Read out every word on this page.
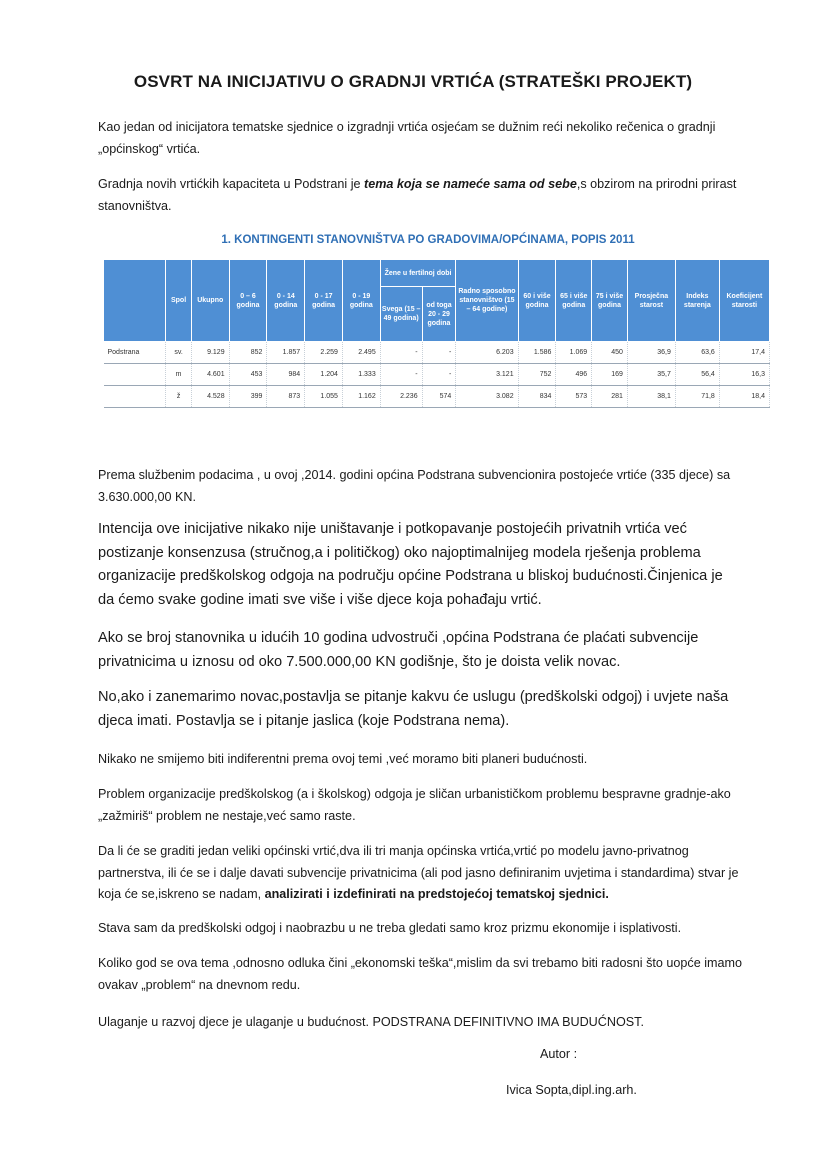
OSVRT NA INICIJATIVU O GRADNJI VRTIĆA (STRATEŠKI PROJEKT)
Kao jedan od inicijatora tematske sjednice o izgradnji vrtića osjećam se dužnim reći nekoliko rečenica o gradnji „općinskog“ vrtića.
Gradnja novih vrtićkih kapaciteta u Podstrani je tema koja se nameće sama od sebe,s obzirom na prirodni prirast stanovništva.
1. KONTINGENTI STANOVNIŠTVA PO GRADOVIMA/OPĆINAMA, POPIS 2011
	Spol	Ukupno	0 – 6 godina	0 - 14 godina	0 - 17 godina	0 - 19 godina	Žene u fertilnoj dobi		Radno sposobno stanovništvo (15 – 64 godine)	60 i više godina	65 i više godina	75 i više godina	Prosječna starost	Indeks starenja	Koeficijent starosti
							Svega (15 – 49 godina)	od toga 20 - 29 godina							
Podstrana	sv.	9.129	852	1.857	2.259	2.495	-	-	6.203	1.586	1.069	450	36,9	63,6	17,4
	m	4.601	453	984	1.204	1.333	-	-	3.121	752	496	169	35,7	56,4	16,3
	ž	4.528	399	873	1.055	1.162	2.236	574	3.082	834	573	281	38,1	71,8	18,4
Prema službenim podacima , u ovoj ,2014. godini općina Podstrana subvencionira postojeće vrtiće (335 djece) sa 3.630.000,00 KN.
Intencija ove inicijative nikako nije uništavanje i potkopavanje postojećih privatnih vrtića već postizanje konsenzusa (stručnog,a i političkog) oko najoptimalnijeg modela rješenja problema organizacije predškolskog odgoja na području općine Podstrana u bliskoj budućnosti.Činjenica je da ćemo svake godine imati sve više i više djece koja pohađaju vrtić.
Ako se broj stanovnika u idućih 10 godina udvostruči ,općina Podstrana će plaćati subvencije privatnicima u iznosu od oko 7.500.000,00 KN godišnje, što je doista velik novac.
No,ako i zanemarimo novac,postavlja se pitanje kakvu će uslugu (predškolski odgoj) i uvjete naša djeca imati. Postavlja se i pitanje jaslica (koje Podstrana nema).
Nikako ne smijemo biti indiferentni prema ovoj temi ,već moramo biti planeri budućnosti.
Problem organizacije predškolskog (a i školskog) odgoja je sličan urbanističkom problemu bespravne gradnje-ako „zažmiriš“ problem ne nestaje,već samo raste.
Da li će se graditi jedan veliki općinski vrtić,dva ili tri manja općinska vrtića,vrtić po modelu javno-privatnog partnerstva, ili će se i dalje davati subvencije privatnicima (ali pod jasno definiranim uvjetima i standardima) stvar je koja će se,iskreno se nadam, analizirati i izdefinirati na predstojećoj tematskoj sjednici.
Stava sam da predškolski odgoj i naobrazbu u ne treba gledati samo kroz prizmu ekonomije i isplativosti.
Koliko god se ova tema ,odnosno odluka čini „ekonomski teška“,mislim da svi trebamo biti radosni što uopće imamo ovakav „problem“ na dnevnom redu.
Ulaganje u razvoj djece je ulaganje u budućnost. PODSTRANA DEFINITIVNO IMA BUDUĆNOST.
Autor :
Ivica Sopta,dipl.ing.arh.
